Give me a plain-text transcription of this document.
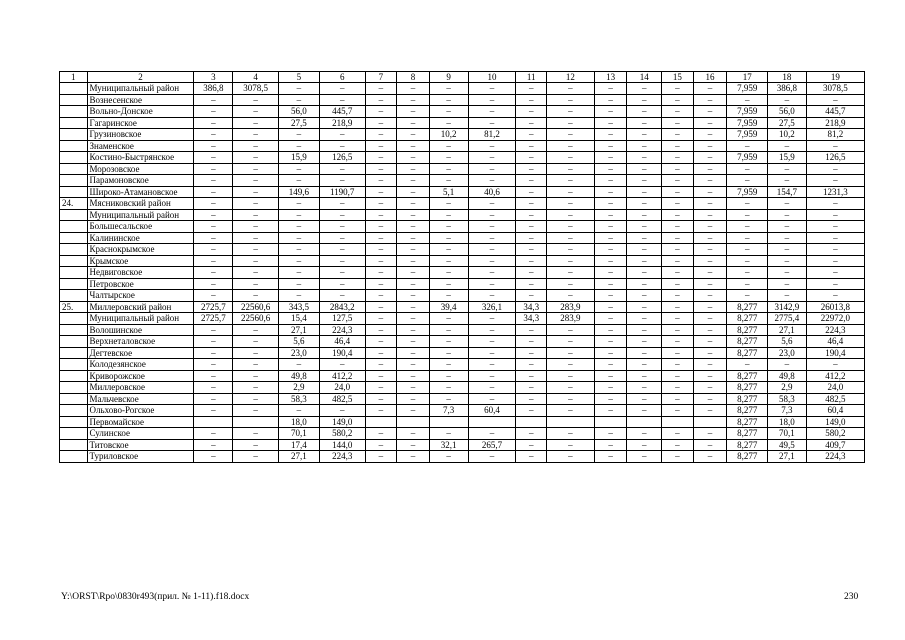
1	2	3	4	5	6	7	8	9	10	11	12	13	14	15	16	17	18	19
	Муниципальный район	386,8	3078,5	–	–	–	–	–	–	–	–	–	–	–	–	7,959	386,8	3078,5
	Вознесенское	–	–	–	–	–	–	–	–	–	–	–	–	–	–	–	–	–
	Вольно-Донское	–	–	56,0	445,7	–	–	–	–	–	–	–	–	–	–	7,959	56,0	445,7
	Гагаринское	–	–	27,5	218,9	–	–	–	–	–	–	–	–	–	–	7,959	27,5	218,9
	Грузиновское	–	–	–	–	–	–	10,2	81,2	–	–	–	–	–	–	7,959	10,2	81,2
	Знаменское	–	–	–	–	–	–	–	–	–	–	–	–	–	–	–	–	–
	Костино-Быстрянское	–	–	15,9	126,5	–	–	–	–	–	–	–	–	–	–	7,959	15,9	126,5
	Морозовское	–	–	–	–	–	–	–	–	–	–	–	–	–	–	–	–	–
	Парамоновское	–	–	–	–	–	–	–	–	–	–	–	–	–	–	–	–	–
	Широко-Атамановское	–	–	149,6	1190,7	–	–	5,1	40,6	–	–	–	–	–	–	7,959	154,7	1231,3
24.	Мясниковский район	–	–	–	–	–	–	–	–	–	–	–	–	–	–	–	–	–
	Муниципальный район	–	–	–	–	–	–	–	–	–	–	–	–	–	–	–	–	–
	Большесальское	–	–	–	–	–	–	–	–	–	–	–	–	–	–	–	–	–
	Калининское	–	–	–	–	–	–	–	–	–	–	–	–	–	–	–	–	–
	Краснокрымское	–	–	–	–	–	–	–	–	–	–	–	–	–	–	–	–	–
	Крымское	–	–	–	–	–	–	–	–	–	–	–	–	–	–	–	–	–
	Недвиговское	–	–	–	–	–	–	–	–	–	–	–	–	–	–	–	–	–
	Петровское	–	–	–	–	–	–	–	–	–	–	–	–	–	–	–	–	–
	Чалтырское	–	–	–	–	–	–	–	–	–	–	–	–	–	–	–	–	–
25.	Миллеровский район	2725,7	22560,6	343,5	2843,2	–	–	39,4	326,1	34,3	283,9	–	–	–	–	8,277	3142,9	26013,8
	Муниципальный район	2725,7	22560,6	15,4	127,5	–	–	–	–	34,3	283,9	–	–	–	–	8,277	2775,4	22972,0
	Волошинское	–	–	27,1	224,3	–	–	–	–	–	–	–	–	–	–	8,277	27,1	224,3
	Верхнеталовское	–	–	5,6	46,4	–	–	–	–	–	–	–	–	–	–	8,277	5,6	46,4
	Дегтевское	–	–	23,0	190,4	–	–	–	–	–	–	–	–	–	–	8,277	23,0	190,4
	Колодезянское	–	–	–	–	–	–	–	–	–	–	–	–	–	–	–	–	–
	Криворожское	–	–	49,8	412,2	–	–	–	–	–	–	–	–	–	–	8,277	49,8	412,2
	Миллеровское	–	–	2,9	24,0	–	–	–	–	–	–	–	–	–	–	8,277	2,9	24,0
	Мальчевское	–	–	58,3	482,5	–	–	–	–	–	–	–	–	–	–	8,277	58,3	482,5
	Ольхово-Рогское	–	–	–	–	–	–	7,3	60,4	–	–	–	–	–	–	8,277	7,3	60,4
	Первомайское			18,0	149,0											8,277	18,0	149,0
	Сулинское	–	–	70,1	580,2	–	–	–	–	–	–	–	–	–	–	8,277	70,1	580,2
	Титовское	–	–	17,4	144,0	–	–	32,1	265,7	–	–	–	–	–	–	8,277	49,5	409,7
	Туриловское	–	–	27,1	224,3	–	–	–	–	–	–	–	–	–	–	8,277	27,1	224,3
Y:\ORST\Rpo\0830r493(прил. № 1-11).f18.docx	230
